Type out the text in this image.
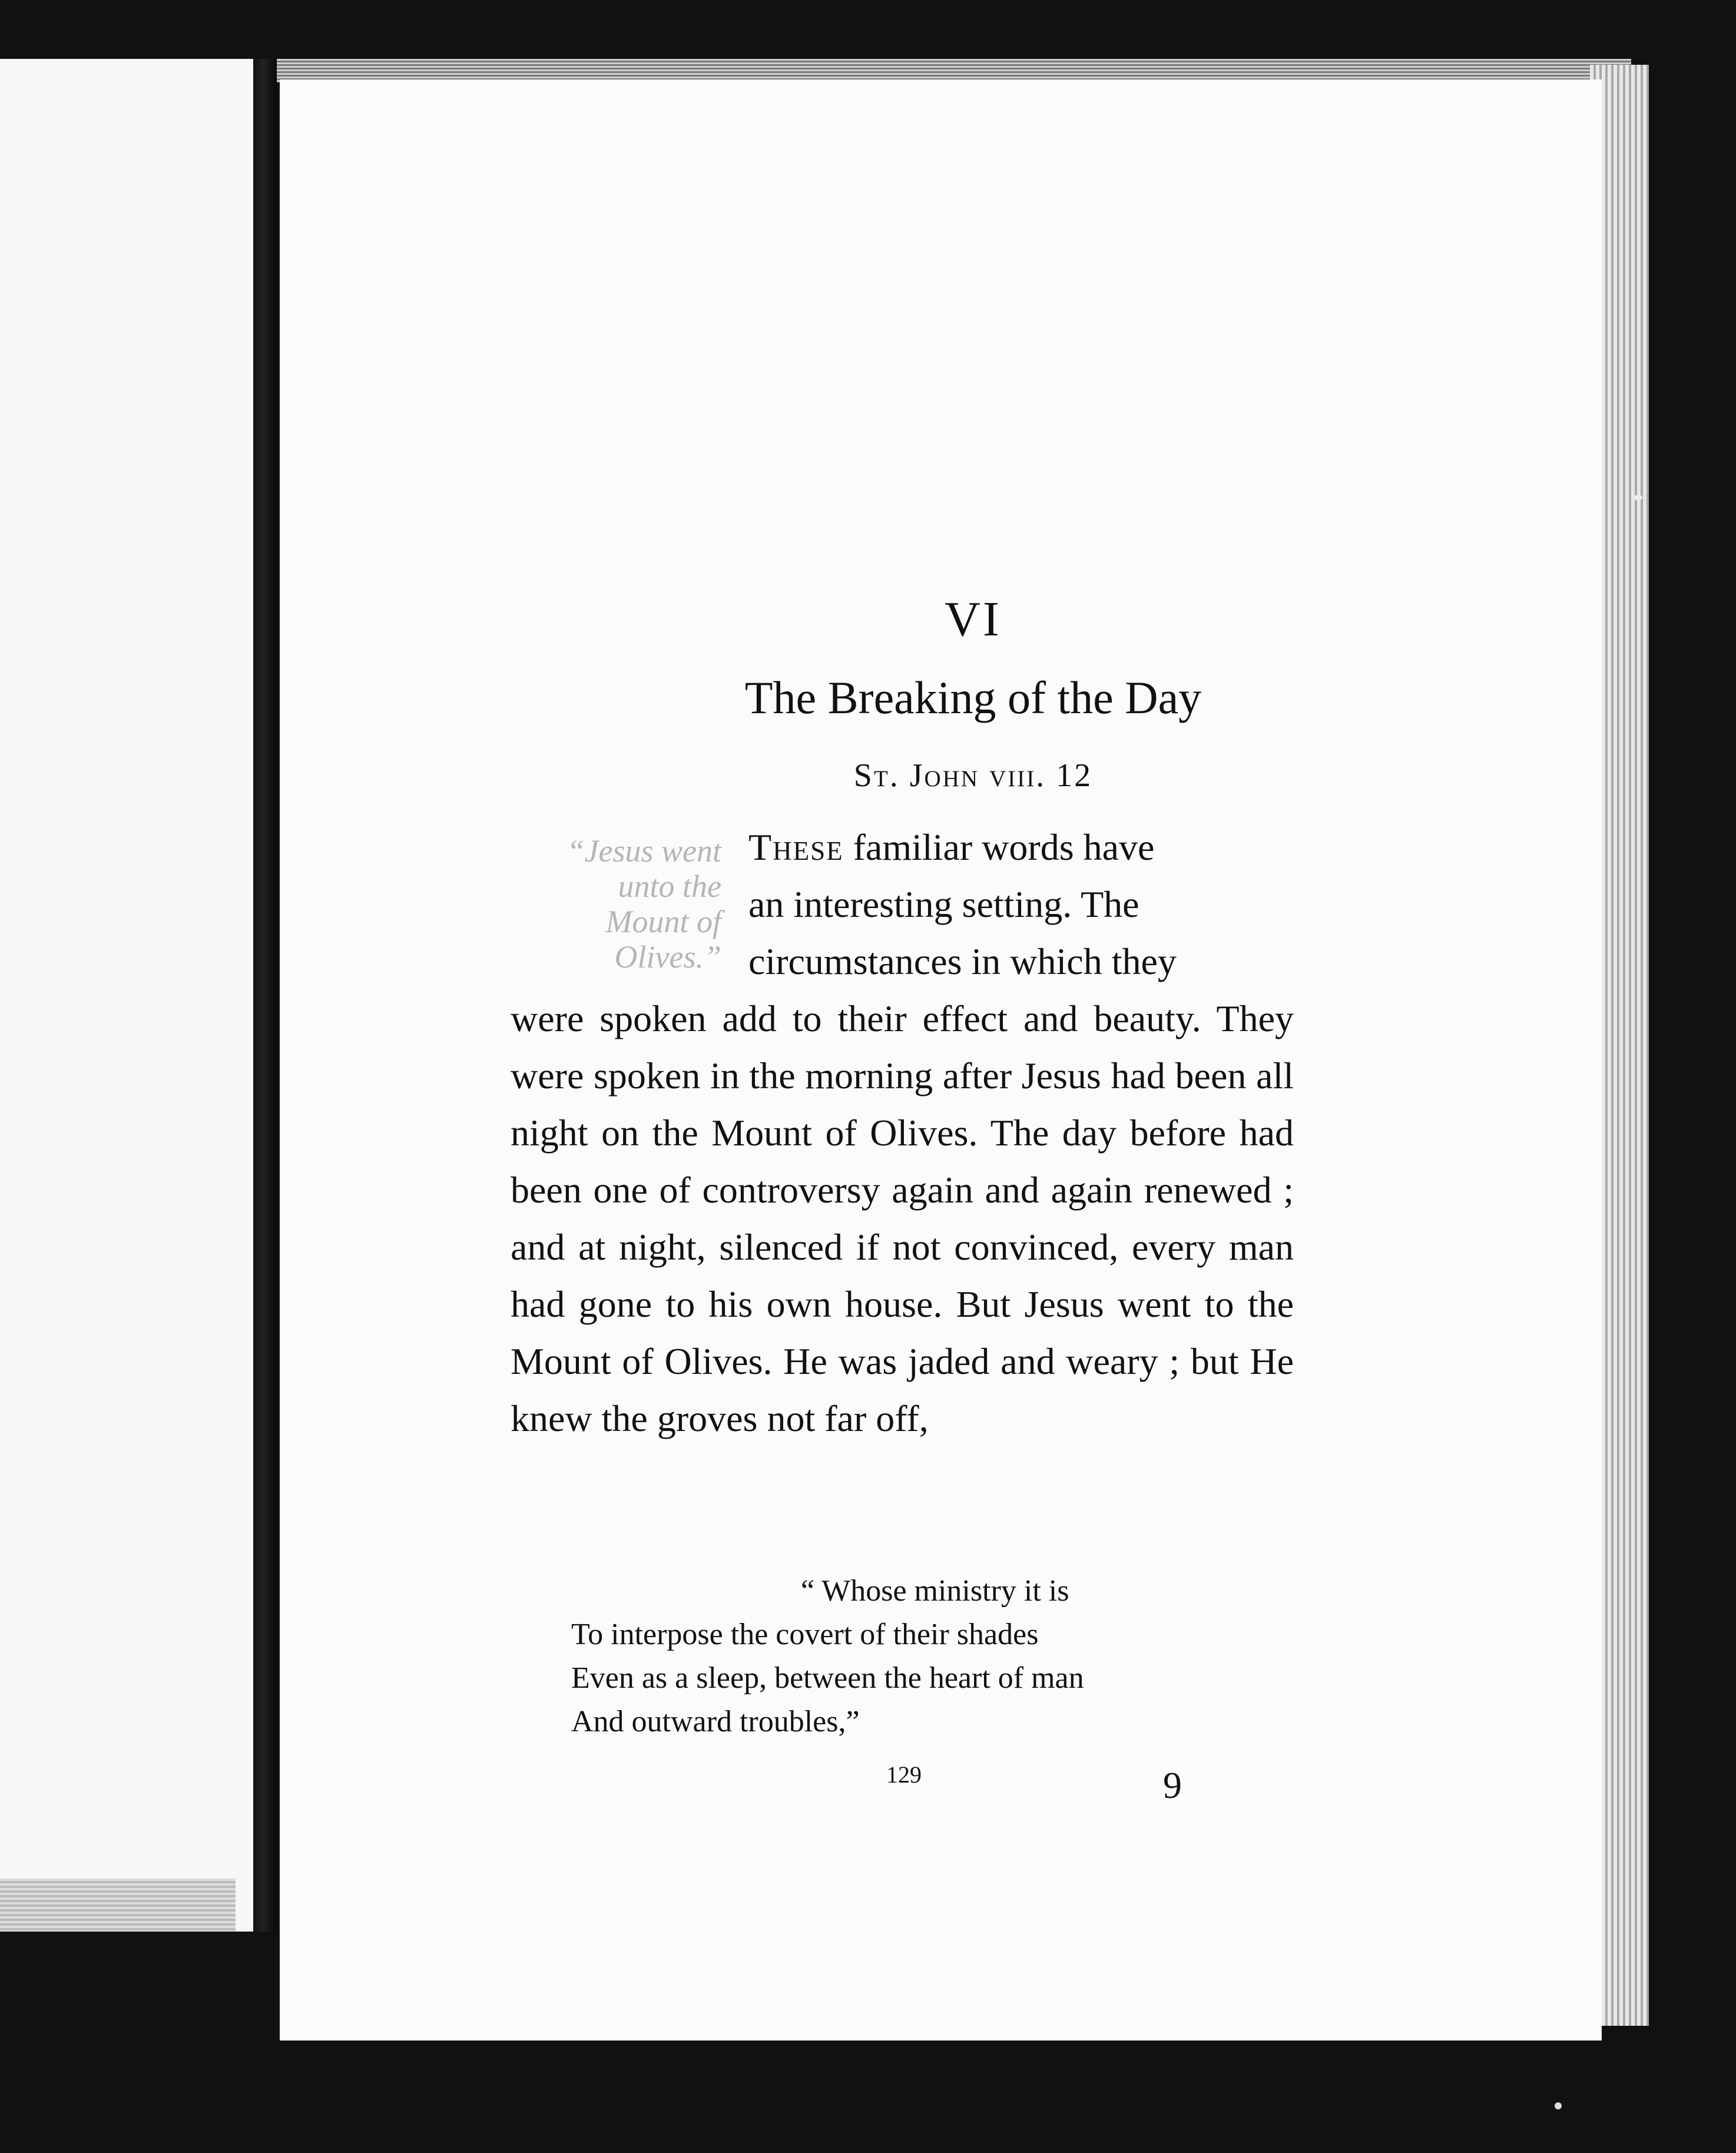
VI
The Breaking of the Day
St. John viii. 12
“Jesus went
unto the
Mount of
Olives.”
These familiar words have
an interesting setting. The
circumstances in which they
were spoken add to their effect and beauty. They were spoken in the morning after Jesus had been all night on the Mount of Olives. The day before had been one of controversy again and again renewed ; and at night, silenced if not convinced, every man had gone to his own house. But Jesus went to the Mount of Olives. He was jaded and weary ; but He knew the groves not far off,
“ Whose ministry it is
To interpose the covert of their shades
Even as a sleep, between the heart of man
And outward troubles,”
129	9
